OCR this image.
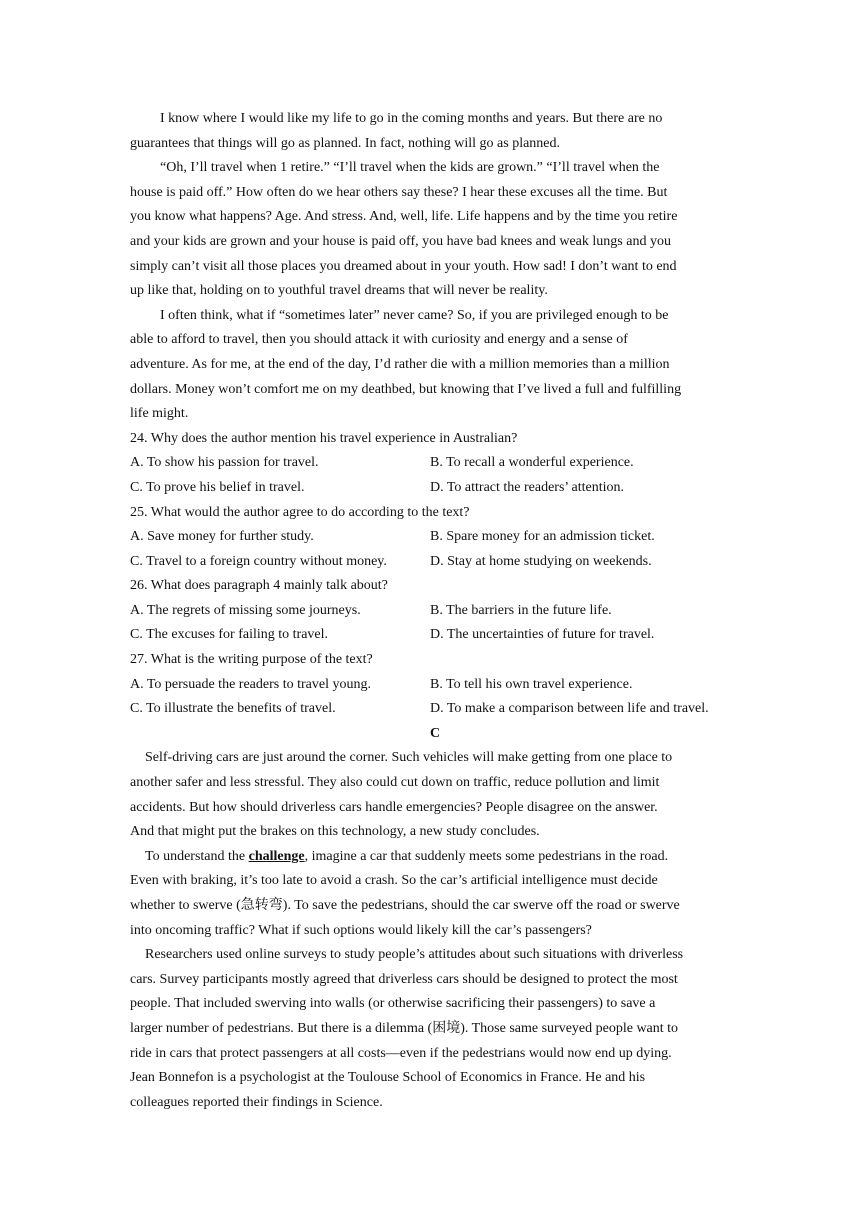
I know where I would like my life to go in the coming months and years. But there are no
guarantees that things will go as planned. In fact, nothing will go as planned.
“Oh, I’ll travel when 1 retire.” “I’ll travel when the kids are grown.” “I’ll travel when the
house is paid off.” How often do we hear others say these? I hear these excuses all the time. But
you know what happens? Age. And stress. And, well, life. Life happens and by the time you retire
and your kids are grown and your house is paid off, you have bad knees and weak lungs and you
simply can’t visit all those places you dreamed about in your youth. How sad! I don’t want to end
up like that, holding on to youthful travel dreams that will never be reality.
I often think, what if “sometimes later” never came? So, if you are privileged enough to be
able to afford to travel, then you should attack it with curiosity and energy and a sense of
adventure. As for me, at the end of the day, I’d rather die with a million memories than a million
dollars. Money won’t comfort me on my deathbed, but knowing that I’ve lived a full and fulfilling
life might.
24. Why does the author mention his travel experience in Australian?
A. To show his passion for travel.	B. To recall a wonderful experience.
C. To prove his belief in travel.	D. To attract the readers’ attention.
25. What would the author agree to do according to the text?
A. Save money for further study.	B. Spare money for an admission ticket.
C. Travel to a foreign country without money.	D. Stay at home studying on weekends.
26. What does paragraph 4 mainly talk about?
A. The regrets of missing some journeys.	B. The barriers in the future life.
C. The excuses for failing to travel.	D. The uncertainties of future for travel.
27. What is the writing purpose of the text?
A. To persuade the readers to travel young.	B. To tell his own travel experience.
C. To illustrate the benefits of travel.	D. To make a comparison between life and travel.
C
Self-driving cars are just around the corner. Such vehicles will make getting from one place to
another safer and less stressful. They also could cut down on traffic, reduce pollution and limit
accidents. But how should driverless cars handle emergencies? People disagree on the answer.
And that might put the brakes on this technology, a new study concludes.
To understand the challenge, imagine a car that suddenly meets some pedestrians in the road.
Even with braking, it’s too late to avoid a crash. So the car’s artificial intelligence must decide
whether to swerve (急转弯). To save the pedestrians, should the car swerve off the road or swerve
into oncoming traffic? What if such options would likely kill the car’s passengers?
Researchers used online surveys to study people’s attitudes about such situations with driverless
cars. Survey participants mostly agreed that driverless cars should be designed to protect the most
people. That included swerving into walls (or otherwise sacrificing their passengers) to save a
larger number of pedestrians. But there is a dilemma (困境). Those same surveyed people want to
ride in cars that protect passengers at all costs—even if the pedestrians would now end up dying.
Jean Bonnefon is a psychologist at the Toulouse School of Economics in France. He and his
colleagues reported their findings in Science.
